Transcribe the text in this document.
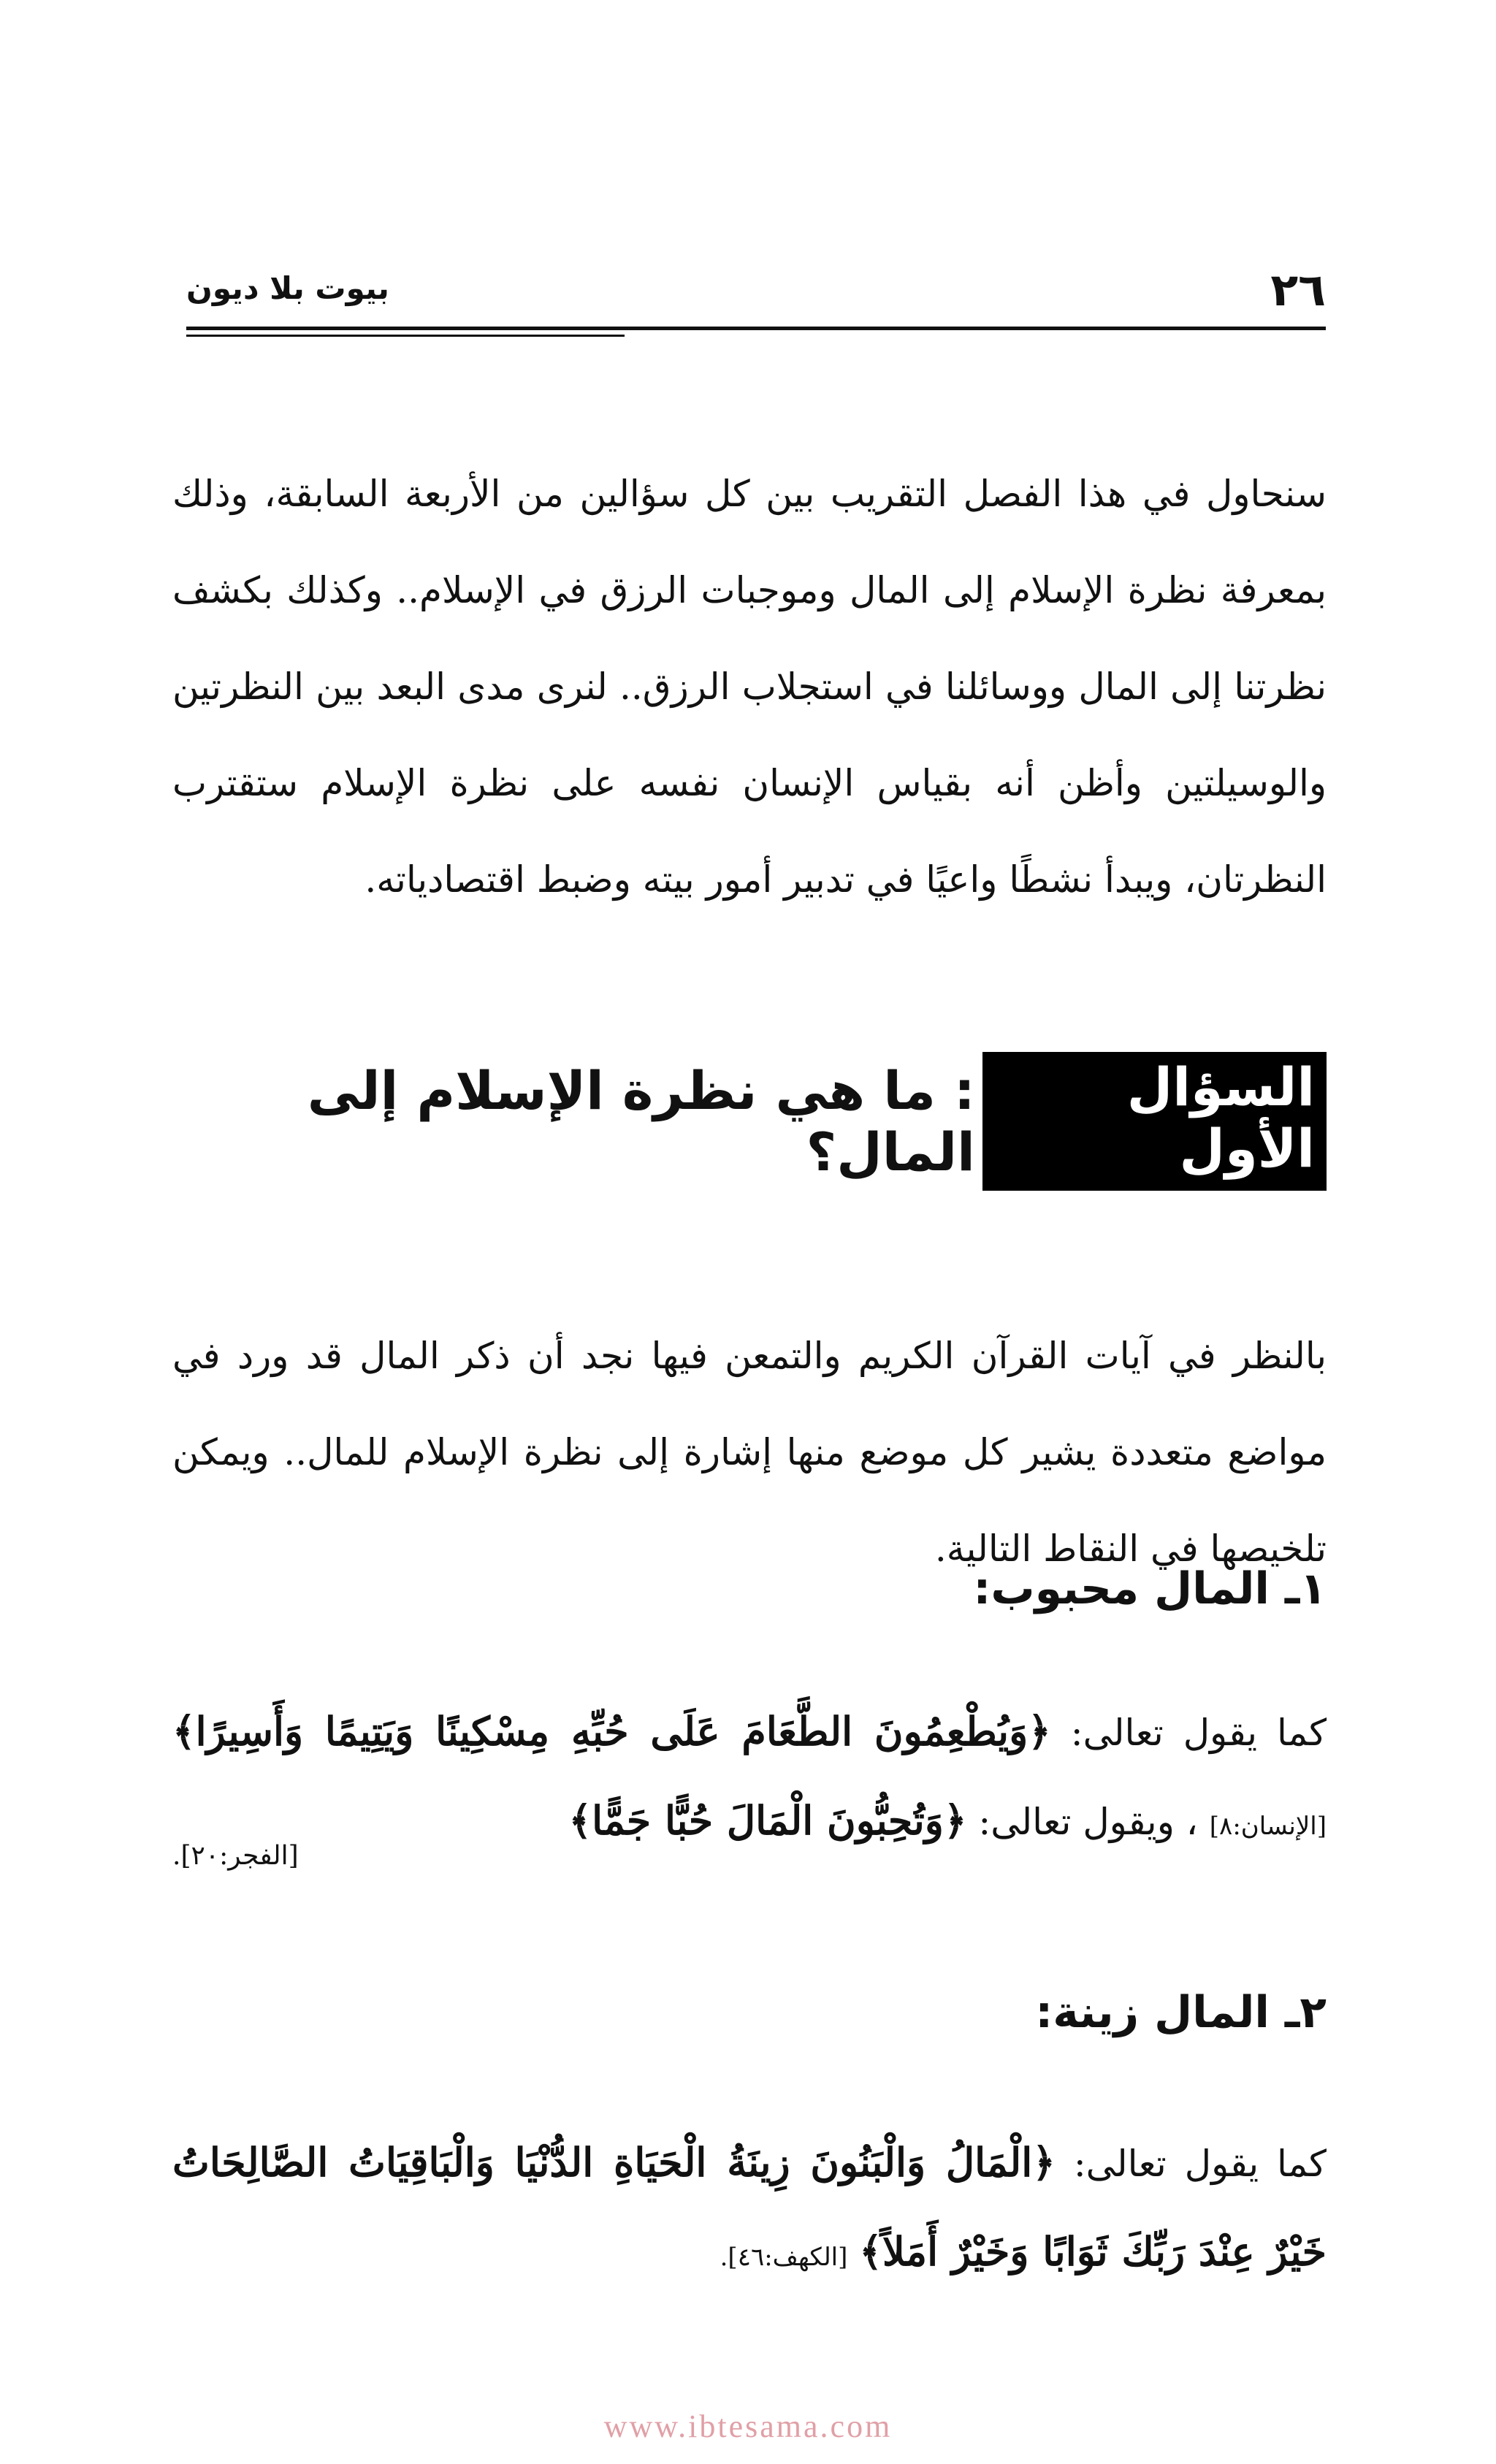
٢٦
بيوت بلا ديون

سنحاول في هذا الفصل التقريب بين كل سؤالين من الأربعة السابقة، وذلك بمعرفة نظرة الإسلام إلى المال وموجبات الرزق في الإسلام.. وكذلك بكشف نظرتنا إلى المال ووسائلنا في استجلاب الرزق.. لنرى مدى البعد بين النظرتين والوسيلتين وأظن أنه بقياس الإنسان نفسه على نظرة الإسلام ستقترب النظرتان، ويبدأ نشطًا واعيًا في تدبير أمور بيته وضبط اقتصادياته.

السؤال الأول
: ما هي نظرة الإسلام إلى المال؟

بالنظر في آيات القرآن الكريم والتمعن فيها نجد أن ذكر المال قد ورد في مواضع متعددة يشير كل موضع منها إشارة إلى نظرة الإسلام للمال.. ويمكن تلخيصها في النقاط التالية.

١ـ المال محبوب:

كما يقول تعالى: ﴿وَيُطْعِمُونَ الطَّعَامَ عَلَى حُبِّهِ مِسْكِينًا وَيَتِيمًا وَأَسِيرًا﴾ [الإنسان:٨] ، ويقول تعالى: ﴿وَتُحِبُّونَ الْمَالَ حُبًّا جَمًّا﴾

[الفجر:٢٠].
٢ـ المال زينة:

كما يقول تعالى: ﴿الْمَالُ وَالْبَنُونَ زِينَةُ الْحَيَاةِ الدُّنْيَا وَالْبَاقِيَاتُ الصَّالِحَاتُ خَيْرٌ عِنْدَ رَبِّكَ ثَوَابًا وَخَيْرٌ أَمَلاً﴾ [الكهف:٤٦].

www.ibtesama.com
